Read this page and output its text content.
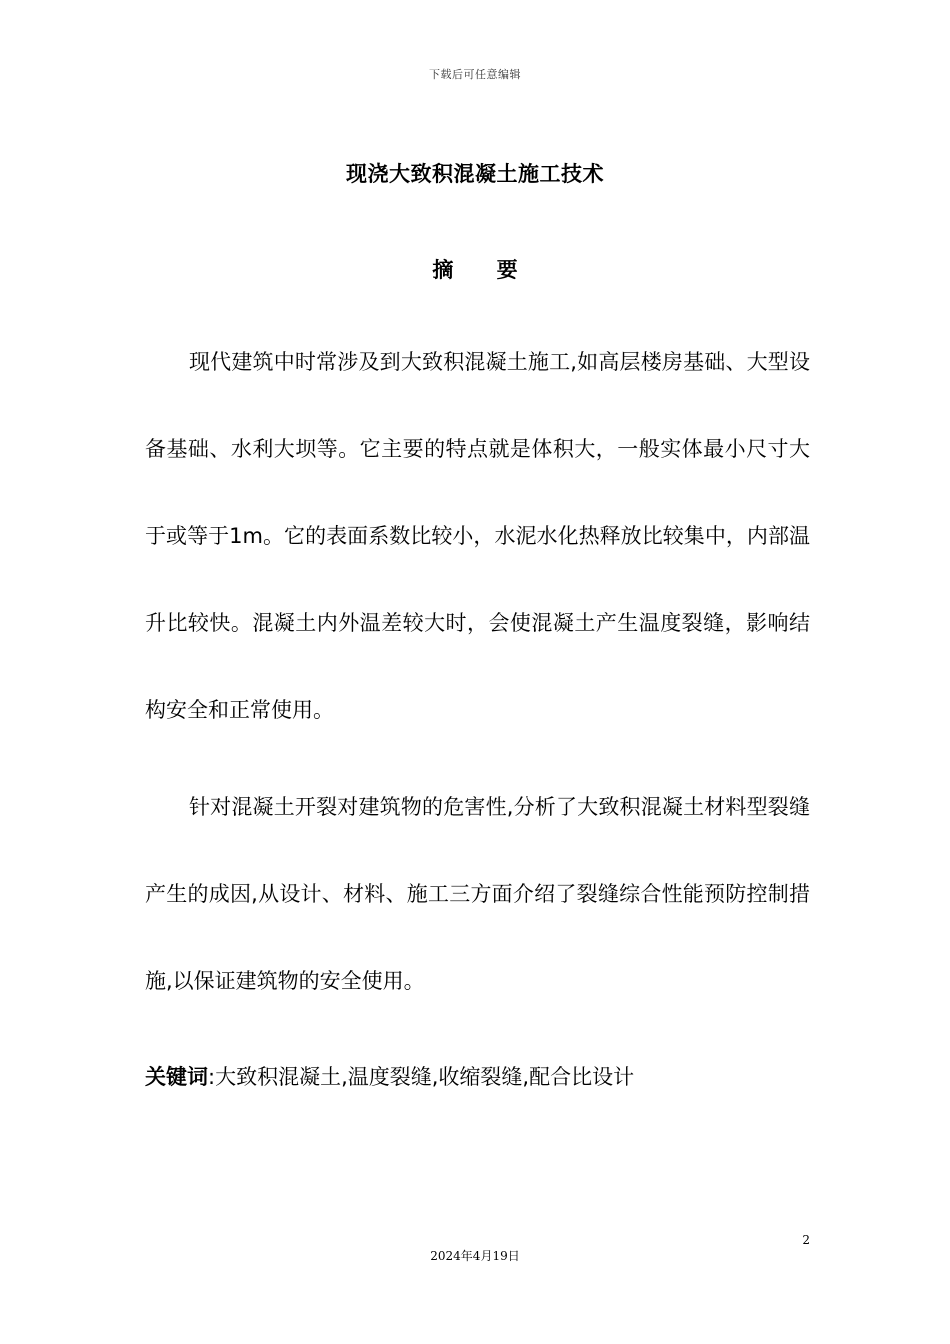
下载后可任意编辑
现浇大致积混凝土施工技术
摘 要

现代建筑中时常涉及到大致积混凝土施工,如高层楼房基础、大型设备基础、水利大坝等。它主要的特点就是体积大，一般实体最小尺寸大于或等于1m。它的表面系数比较小，水泥水化热释放比较集中，内部温升比较快。混凝土内外温差较大时，会使混凝土产生温度裂缝，影响结构安全和正常使用。

针对混凝土开裂对建筑物的危害性,分析了大致积混凝土材料型裂缝产生的成因,从设计、材料、施工三方面介绍了裂缝综合性能预防控制措施,以保证建筑物的安全使用。

关键词:大致积混凝土,温度裂缝,收缩裂缝,配合比设计

2
2024年4月19日
